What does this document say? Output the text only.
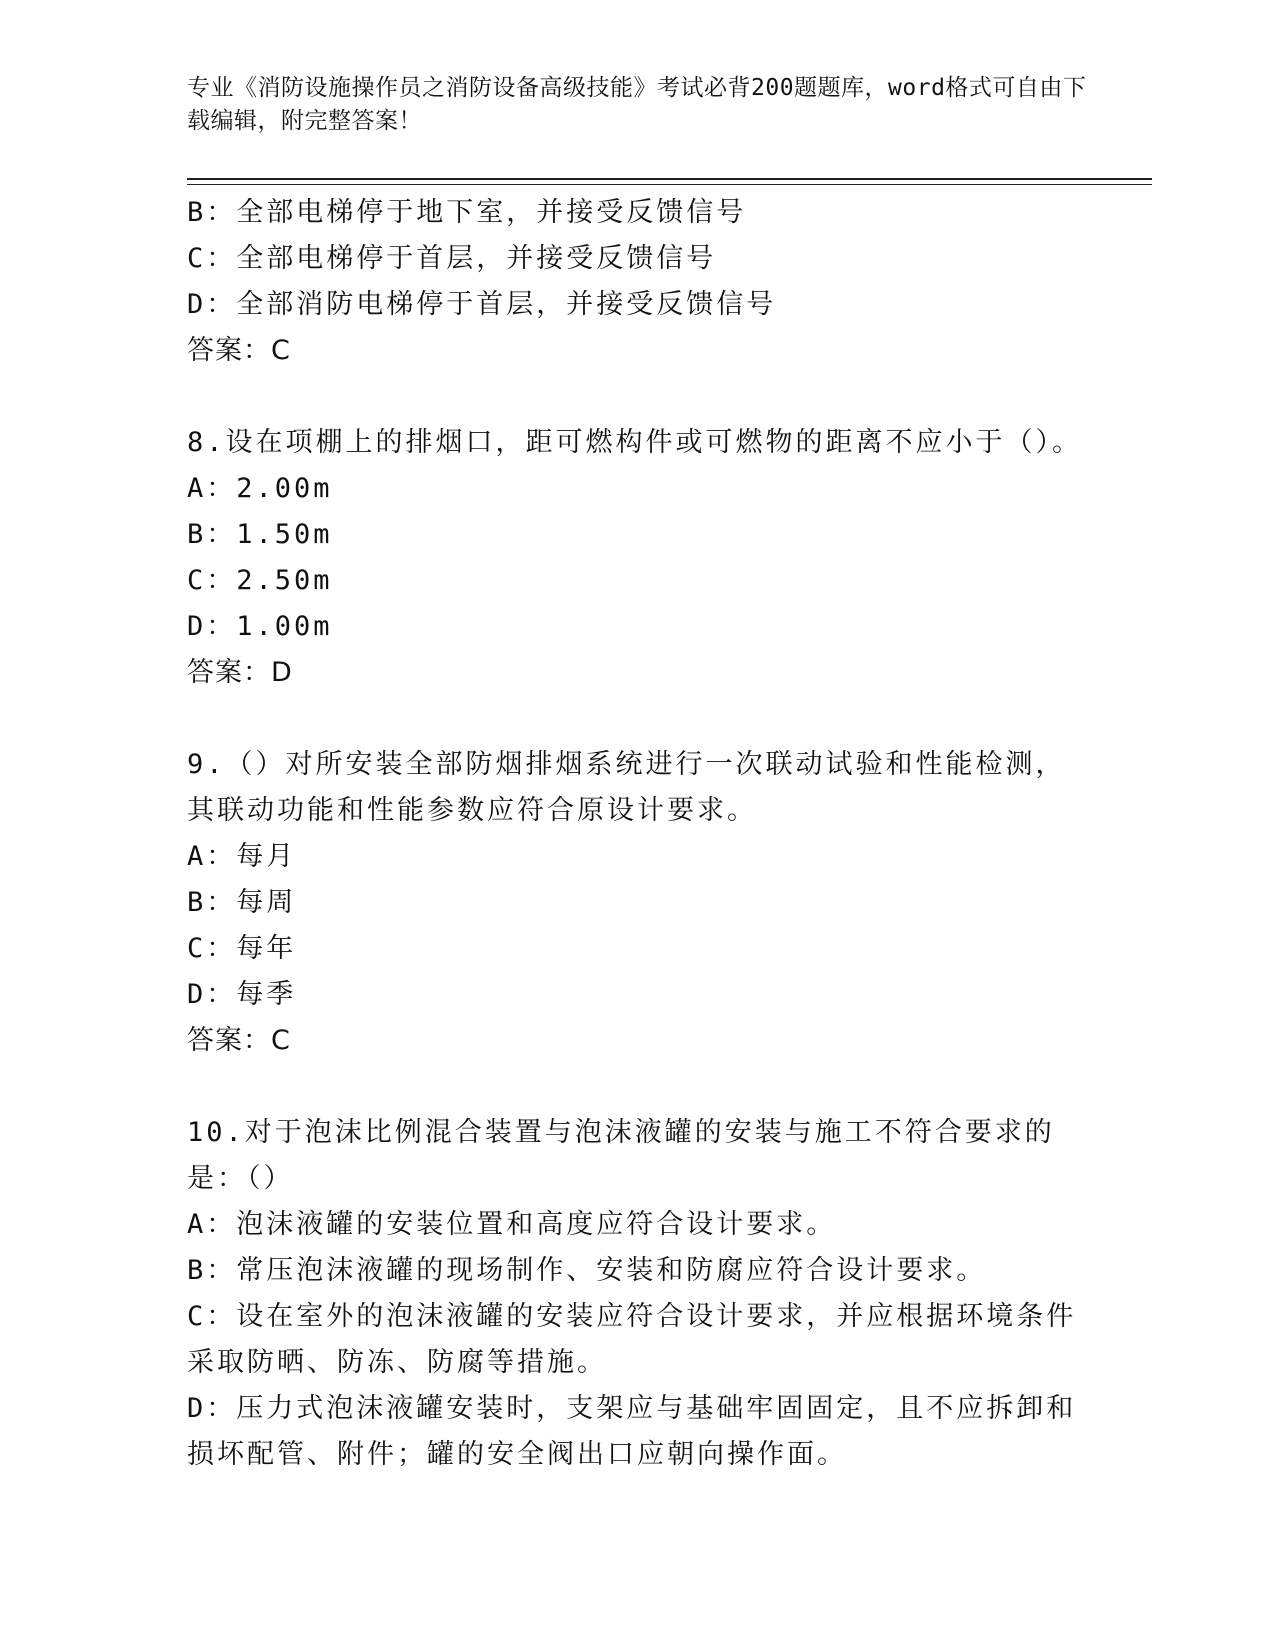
专业《消防设施操作员之消防设备高级技能》考试必背200题题库，word格式可自由下载编辑，附完整答案！
B：全部电梯停于地下室，并接受反馈信号
C：全部电梯停于首层，并接受反馈信号
D：全部消防电梯停于首层，并接受反馈信号
答案：C
8.设在项棚上的排烟口，距可燃构件或可燃物的距离不应小于（）。
A：2.00m
B：1.50m
C：2.50m
D：1.00m
答案：D
9.（）对所安装全部防烟排烟系统进行一次联动试验和性能检测，其联动功能和性能参数应符合原设计要求。
A：每月
B：每周
C：每年
D：每季
答案：C
10.对于泡沫比例混合装置与泡沫液罐的安装与施工不符合要求的是：（）
A：泡沫液罐的安装位置和高度应符合设计要求。
B：常压泡沫液罐的现场制作、安装和防腐应符合设计要求。
C：设在室外的泡沫液罐的安装应符合设计要求，并应根据环境条件采取防晒、防冻、防腐等措施。
D：压力式泡沫液罐安装时，支架应与基础牢固固定，且不应拆卸和损坏配管、附件；罐的安全阀出口应朝向操作面。
